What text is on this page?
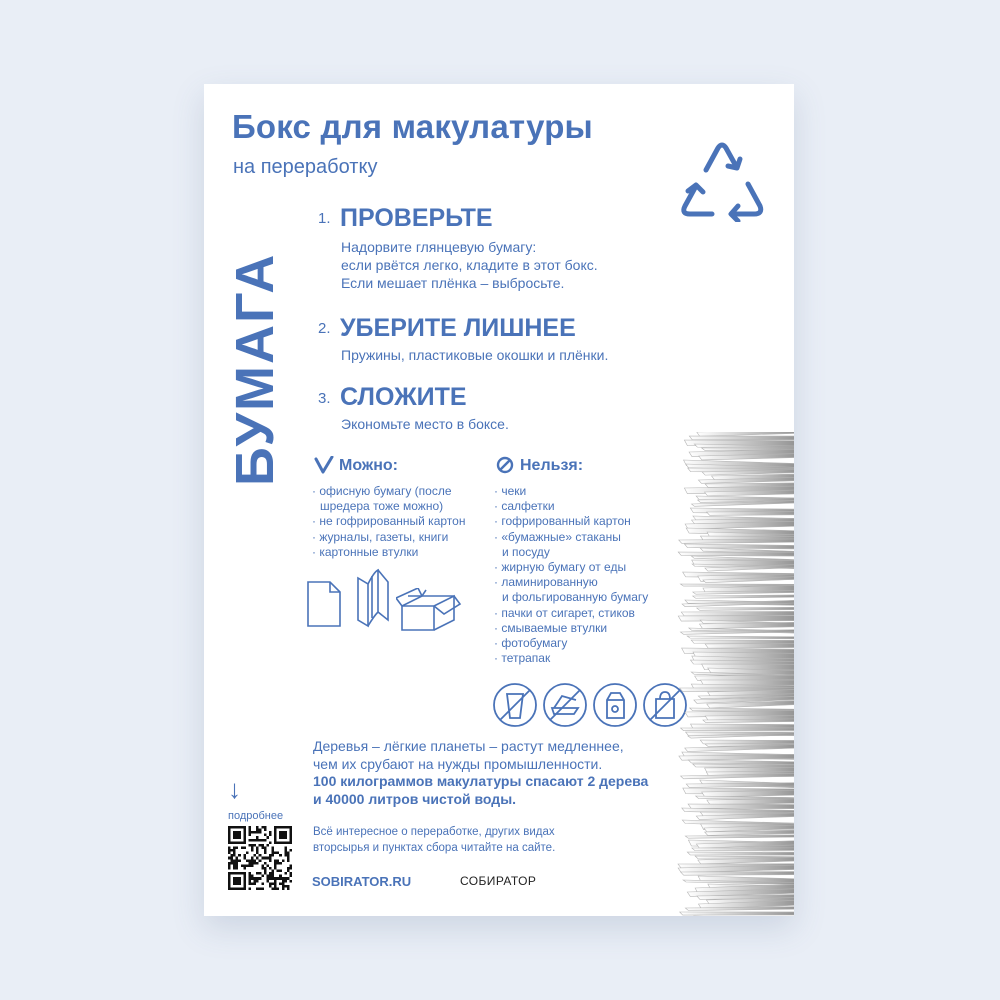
Бокс для макулатуры
на переработку
БУМАГА
1. ПРОВЕРЬТЕ
Надорвите глянцевую бумагу:
если рвётся легко, кладите в этот бокс.
Если мешает плёнка – выбросьте.
2. УБЕРИТЕ ЛИШНЕЕ
Пружины, пластиковые окошки и плёнки.
3. СЛОЖИТЕ
Экономьте место в боксе.
Можно:
· офисную бумагу (после
шредера тоже можно)
· не гофрированный картон
· журналы, газеты, книги
· картонные втулки
Нельзя:
· чеки
· салфетки
· гофрированный картон
· «бумажные» стаканы
и посуду
· жирную бумагу от еды
· ламинированную
и фольгированную бумагу
· пачки от сигарет, стиков
· смываемые втулки
· фотобумагу
· тетрапак
Деревья – лёгкие планеты – растут медленнее,
чем их срубают на нужды промышленности.
100 килограммов макулатуры спасают 2 дерева
и 40000 литров чистой воды.
Всё интересное о переработке, других видах
вторсырья и пунктах сбора читайте на сайте.
↓
подробнее
SOBIRATOR.RU	СОБИРАТОР
